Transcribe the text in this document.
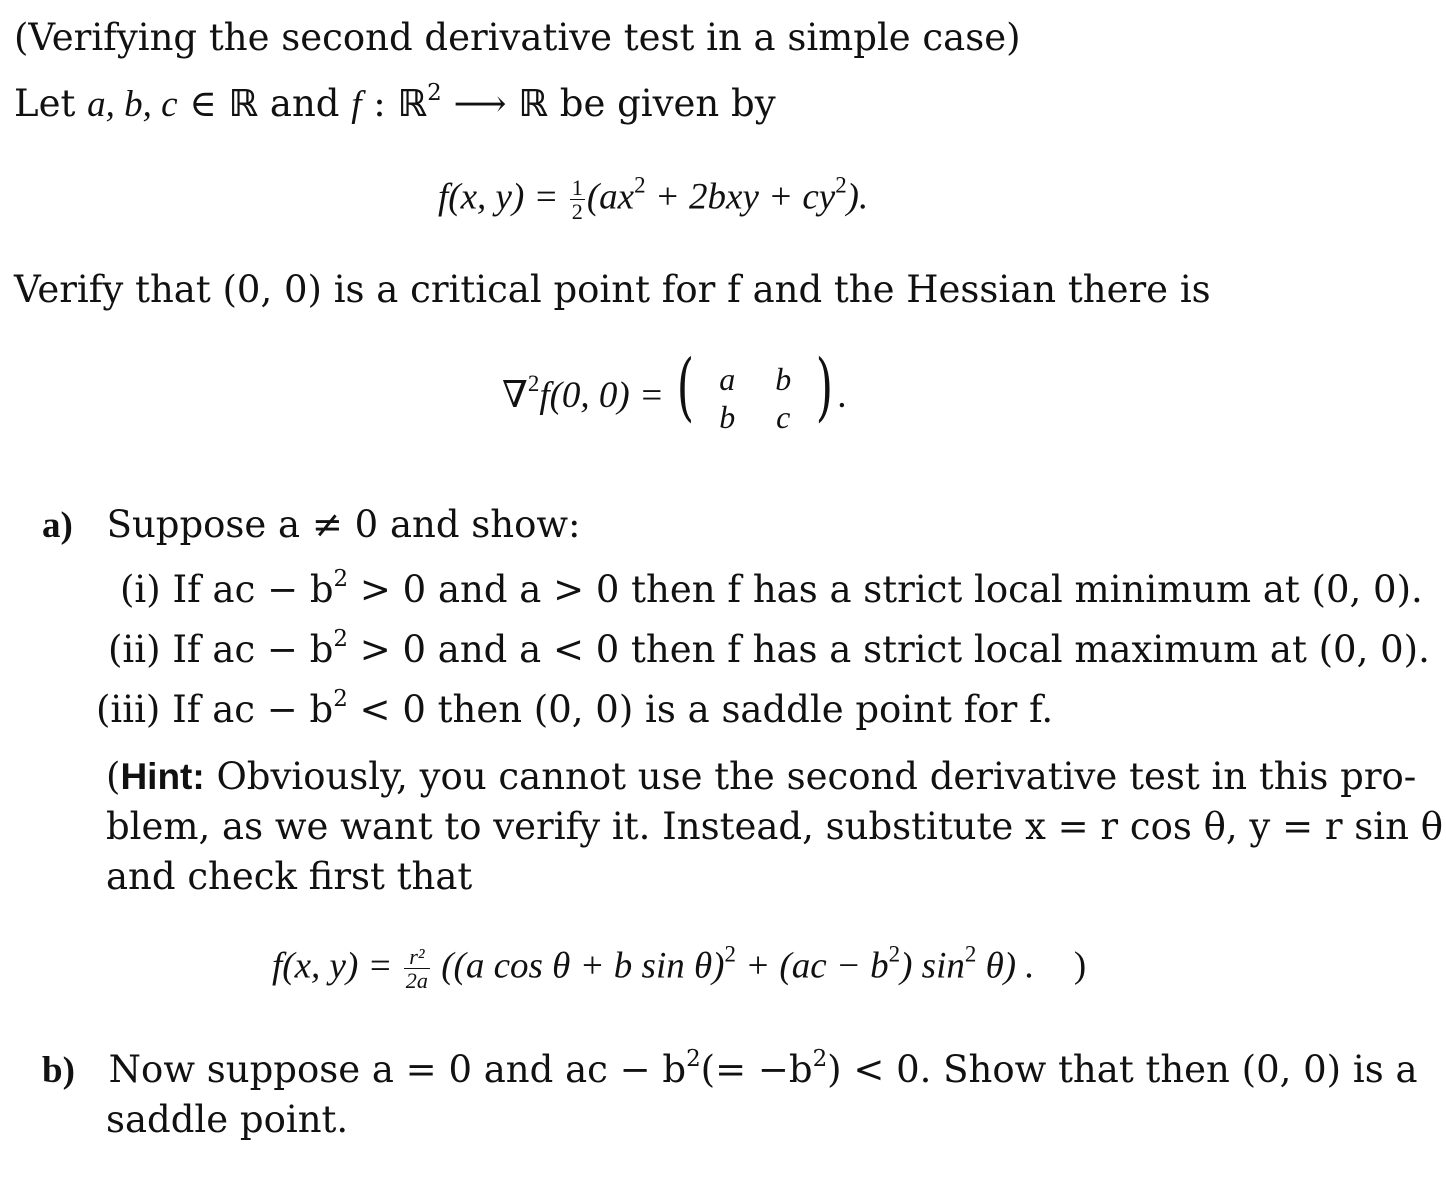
(Verifying the second derivative test in a simple case)
Let a, b, c ∈ ℝ and f : ℝ$^2$ ⟶ ℝ be given by
f(x, $y) = \frac{1}{2} (ax^2 + 2bxy + cy^2)$.
Verify that (0, 0) is a critical point for f and the Hessian there is
∇$^2$f(0, 0) = ( a	b
b	c ) .
a) Suppose a ≠ 0 and show:
(i) If ac − $b^2 > 0$ and a > 0 then f has a strict local minimum at (0, 0).
(ii) If ac − $b^2 > 0$ and a < 0 then f has a strict local maximum at (0, 0).
(iii) If ac − $b^2 < 0$ then (0, 0) is a saddle point for f.
(Hint: Obviously, you cannot use the second derivative test in this pro-
blem, as we want to verify it. Instead, substitute x = r cos θ, y = r sin θ
and check first that
f(x, $y) = \frac{\text{r²}}{2a} ((a$ cos θ + b $\sin \theta)^2 + (ac - b^2)$ $\sin^2 \theta$) . )
b) Now suppose a = 0 and ac − $b^2(= -b^2) < 0$. Show that then (0, 0) is a
saddle point.
